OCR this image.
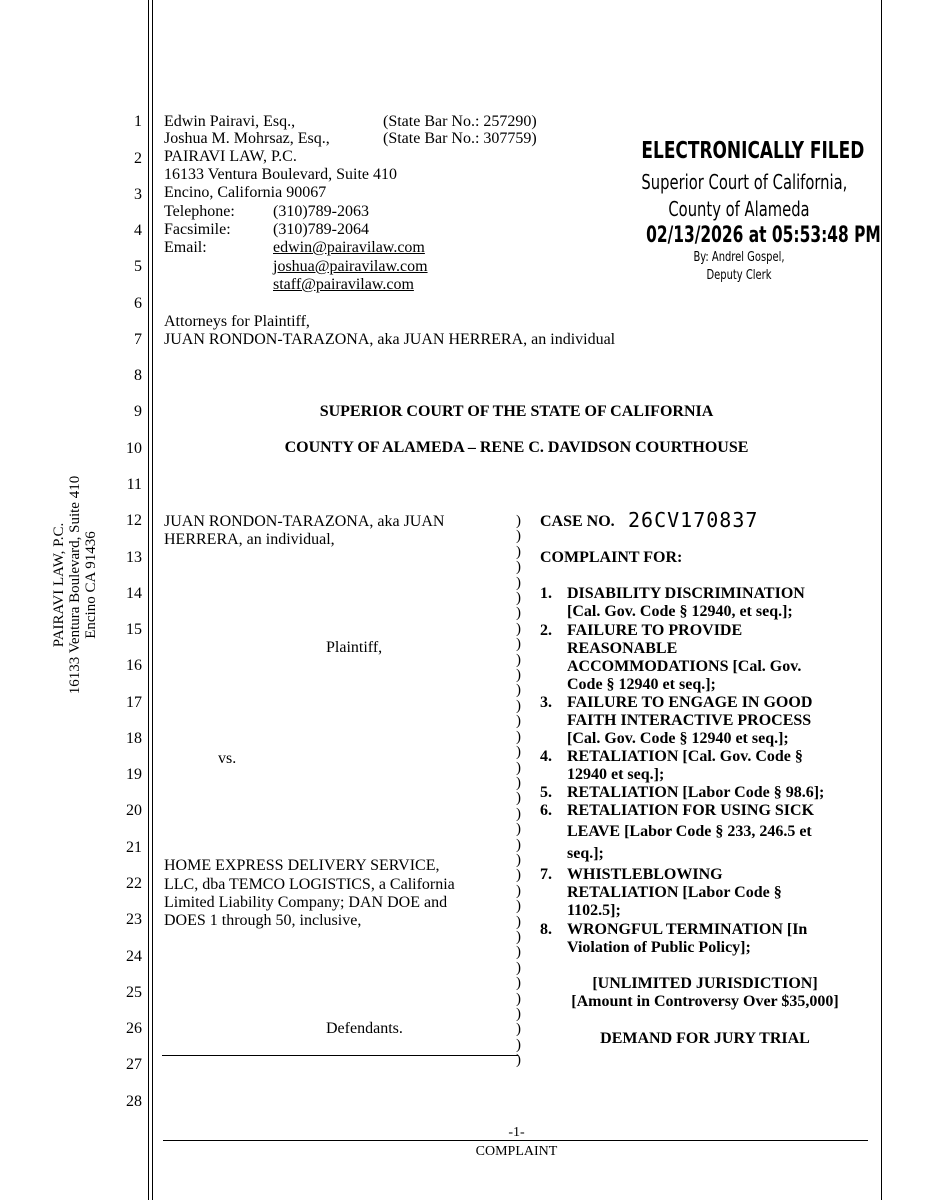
1
2
3
4
5
6
7
8
9
10
11
12
13
14
15
16
17
18
19
20
21
22
23
24
25
26
27
28
PAIRAVI LAW, P.C. 16133 Ventura Boulevard, Suite 410 Encino CA 91436
Edwin Pairavi, Esq.,	(State Bar No.: 257290)
Joshua M. Mohrsaz, Esq.,	(State Bar No.: 307759)
PAIRAVI LAW, P.C.
16133 Ventura Boulevard, Suite 410
Encino, California 90067
Telephone: (310)789-2063
Facsimile:	(310)789-2064
Email:	edwin@pairavilaw.com
joshua@pairavilaw.com
staff@pairavilaw.com
Attorneys for Plaintiff,
JUAN RONDON-TARAZONA, aka JUAN HERRERA, an individual
ELECTRONICALLY FILED
Superior Court of California,
County of Alameda
02/13/2026 at 05:53:48 PM
By: Andrel Gospel,
Deputy Clerk
SUPERIOR COURT OF THE STATE OF CALIFORNIA
COUNTY OF ALAMEDA – RENE C. DAVIDSON COURTHOUSE
JUAN RONDON-TARAZONA, aka JUAN
HERRERA, an individual,
Plaintiff,
vs.
HOME EXPRESS DELIVERY SERVICE,
LLC, dba TEMCO LOGISTICS, a California
Limited Liability Company; DAN DOE and
DOES 1 through 50, inclusive,
Defendants.
)
)
)
)
)
)
)
)
)
)
)
)
)
)
)
)
)
)
)
)
)
)
)
)
)
)
)
)
)
)
)
)
)
)
)
)
CASE NO. 26CV170837
COMPLAINT FOR:
1. DISABILITY DISCRIMINATION
[Cal. Gov. Code § 12940, et seq.];
2. FAILURE TO PROVIDE
REASONABLE
ACCOMMODATIONS [Cal. Gov.
Code § 12940 et seq.];
3. FAILURE TO ENGAGE IN GOOD
FAITH INTERACTIVE PROCESS
[Cal. Gov. Code § 12940 et seq.];
4. RETALIATION [Cal. Gov. Code §
12940 et seq.];
5. RETALIATION [Labor Code § 98.6];
6. RETALIATION FOR USING SICK
LEAVE [Labor Code § 233, 246.5 et
seq.];
7. WHISTLEBLOWING
RETALIATION [Labor Code §
1102.5];
8. WRONGFUL TERMINATION [In
Violation of Public Policy];
[UNLIMITED JURISDICTION]
[Amount in Controversy Over $35,000]
DEMAND FOR JURY TRIAL
-1-
COMPLAINT
